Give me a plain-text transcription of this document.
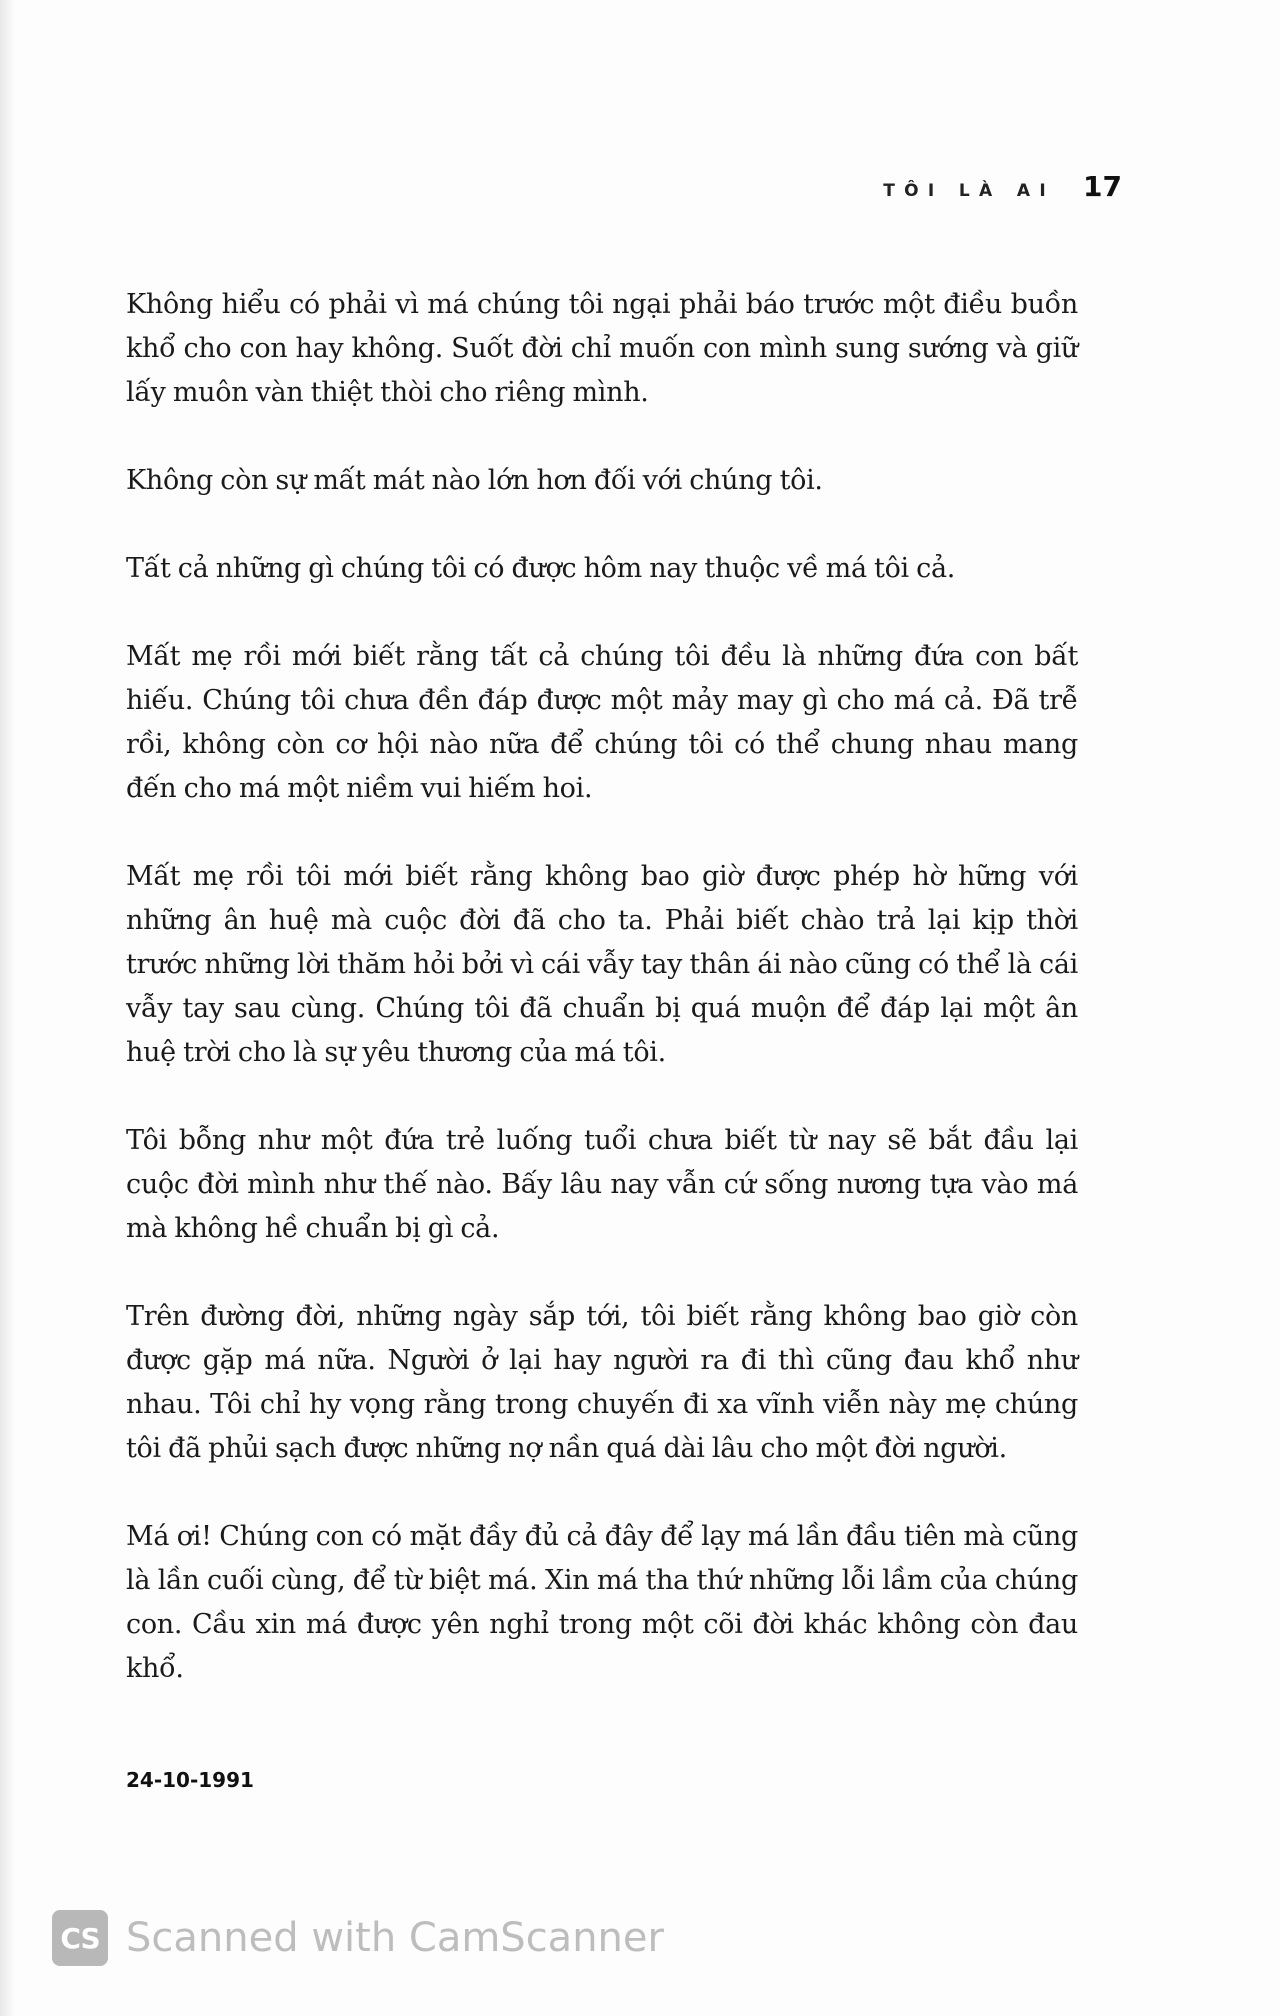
TÔI LÀ AI 17

Không hiểu có phải vì má chúng tôi ngại phải báo trước một điều buồn khổ cho con hay không. Suốt đời chỉ muốn con mình sung sướng và giữ lấy muôn vàn thiệt thòi cho riêng mình.

Không còn sự mất mát nào lớn hơn đối với chúng tôi.

Tất cả những gì chúng tôi có được hôm nay thuộc về má tôi cả.

Mất mẹ rồi mới biết rằng tất cả chúng tôi đều là những đứa con bất hiếu. Chúng tôi chưa đền đáp được một mảy may gì cho má cả. Đã trễ rồi, không còn cơ hội nào nữa để chúng tôi có thể chung nhau mang đến cho má một niềm vui hiếm hoi.

Mất mẹ rồi tôi mới biết rằng không bao giờ được phép hờ hững với những ân huệ mà cuộc đời đã cho ta. Phải biết chào trả lại kịp thời trước những lời thăm hỏi bởi vì cái vẫy tay thân ái nào cũng có thể là cái vẫy tay sau cùng. Chúng tôi đã chuẩn bị quá muộn để đáp lại một ân huệ trời cho là sự yêu thương của má tôi.

Tôi bỗng như một đứa trẻ luống tuổi chưa biết từ nay sẽ bắt đầu lại cuộc đời mình như thế nào. Bấy lâu nay vẫn cứ sống nương tựa vào má mà không hề chuẩn bị gì cả.

Trên đường đời, những ngày sắp tới, tôi biết rằng không bao giờ còn được gặp má nữa. Người ở lại hay người ra đi thì cũng đau khổ như nhau. Tôi chỉ hy vọng rằng trong chuyến đi xa vĩnh viễn này mẹ chúng tôi đã phủi sạch được những nợ nần quá dài lâu cho một đời người.

Má ơi! Chúng con có mặt đầy đủ cả đây để lạy má lần đầu tiên mà cũng là lần cuối cùng, để từ biệt má. Xin má tha thứ những lỗi lầm của chúng con. Cầu xin má được yên nghỉ trong một cõi đời khác không còn đau khổ.

24-10-1991
CS Scanned with CamScanner
